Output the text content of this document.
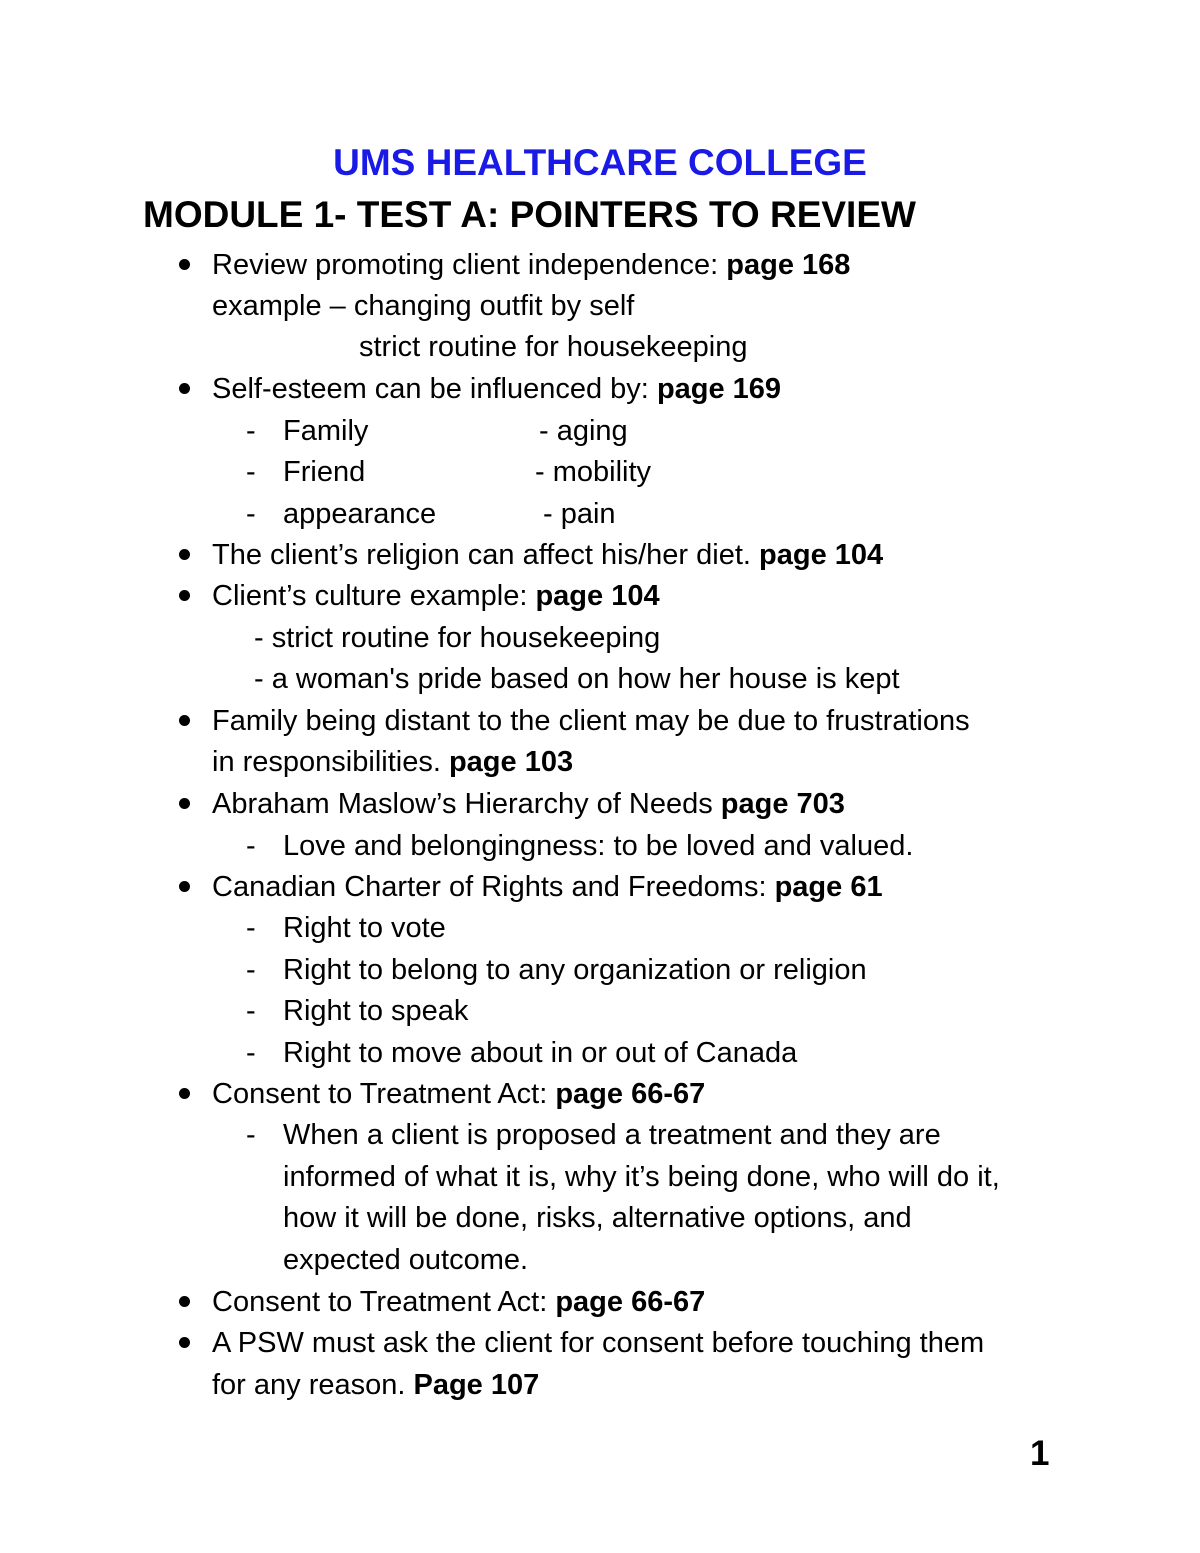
UMS HEALTHCARE COLLEGE
MODULE 1- TEST A: POINTERS TO REVIEW
Review promoting client independence: page 168
example – changing outfit by self
strict routine for housekeeping
Self-esteem can be influenced by: page 169
- Family	- aging
- Friend	- mobility
- appearance	- pain
The client’s religion can affect his/her diet. page 104
Client’s culture example: page 104
- strict routine for housekeeping
- a woman's pride based on how her house is kept
Family being distant to the client may be due to frustrations
in responsibilities. page 103
Abraham Maslow’s Hierarchy of Needs page 703
- Love and belongingness: to be loved and valued.
Canadian Charter of Rights and Freedoms: page 61
- Right to vote
- Right to belong to any organization or religion
- Right to speak
- Right to move about in or out of Canada
Consent to Treatment Act: page 66-67
- When a client is proposed a treatment and they are
informed of what it is, why it’s being done, who will do it,
how it will be done, risks, alternative options, and
expected outcome.
Consent to Treatment Act: page 66-67
A PSW must ask the client for consent before touching them
for any reason. Page 107
1
